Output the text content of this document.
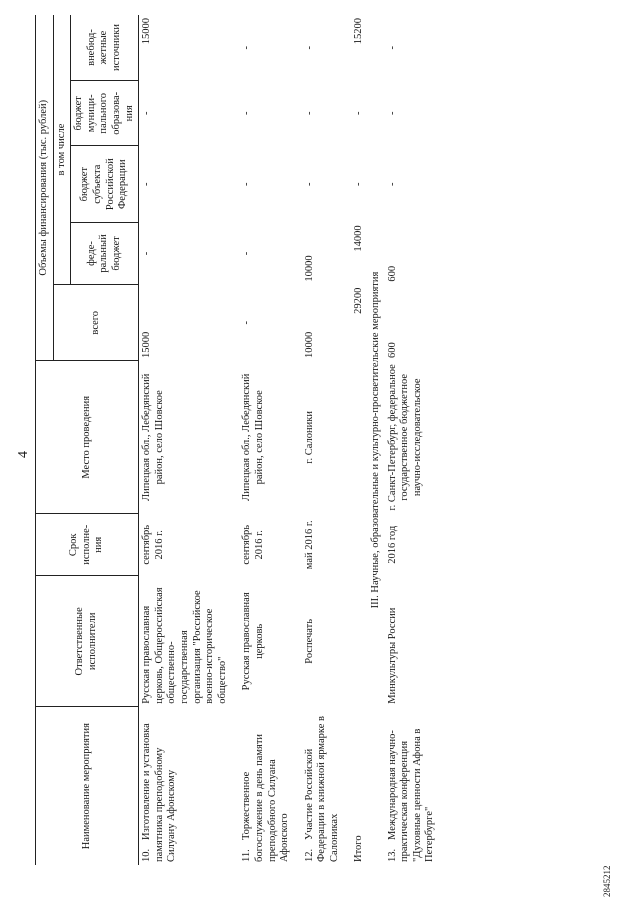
4
Наименование мероприятия	Ответственные исполнители	Срок исполне-ния	Место проведения	Объемы финансирования (тыс. рублей)				
				всего	в том числе			
					феде-ральный бюджет	бюджет субъекта Российской Федерации	бюджет муници-пального образова-ния	внебюд-жетные источники
10.Изготовление и установка памятника преподобному Силуану Афонскому	Русская православная церковь, Общероссийская общественно-государственная организация "Российское военно-историческое общество"	сентябрь 2016 г.	Липецкая обл., Лебедянский район, село Шовское	15000	-	-	-	15000
11.Торжественное богослужение в день памяти преподобного Силуана Афонского	Русская православная церковь	сентябрь 2016 г.	Липецкая обл., Лебедянский район, село Шовское	-	-	-	-	-
12.Участие Российской Федерации в книжной ярмарке в Салониках	Роспечать	май 2016 г.	г. Салоники	10000	10000	-	-	-
Итого				29200	14000	-	-	15200
III. Научные, образовательные и культурно-просветительские мероприятия								
13.Международная научно-практическая конференция "Духовные ценности Афона в Петербурге"	Минкультуры России	2016 год	г. Санкт-Петербург, федеральное государственное бюджетное научно-исследовательское	600	600	-	-	-
2845212
